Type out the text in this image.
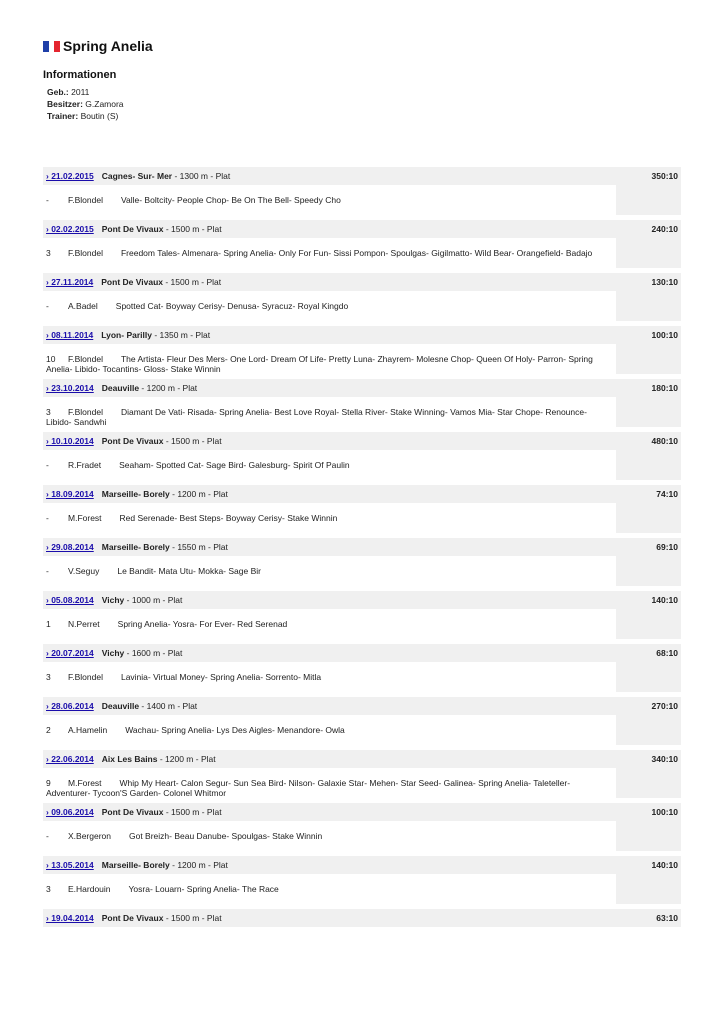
Spring Anelia
Informationen
Geb.: 2011
Besitzer: G.Zamora
Trainer: Boutin (S)
› 21.02.2015 Cagnes- Sur- Mer - 1300 m - Plat	350:10
- F.Blondel Valle- Boltcity- People Chop- Be On The Bell- Speedy Cho
› 02.02.2015 Pont De Vivaux - 1500 m - Plat	240:10
3 F.Blondel Freedom Tales- Almenara- Spring Anelia- Only For Fun- Sissi Pompon- Spoulgas- Gigilmatto- Wild Bear- Orangefield- Badajo
› 27.11.2014 Pont De Vivaux - 1500 m - Plat	130:10
- A.Badel Spotted Cat- Boyway Cerisy- Denusa- Syracuz- Royal Kingdo
› 08.11.2014 Lyon- Parilly - 1350 m - Plat	100:10
10 F.Blondel The Artista- Fleur Des Mers- One Lord- Dream Of Life- Pretty Luna- Zhayrem- Molesne Chop- Queen Of Holy- Parron- Spring Anelia- Libido- Tocantins- Gloss- Stake Winnin
› 23.10.2014 Deauville - 1200 m - Plat	180:10
3 F.Blondel Diamant De Vati- Risada- Spring Anelia- Best Love Royal- Stella River- Stake Winning- Vamos Mia- Star Chope- Renounce- Libido- Sandwhi
› 10.10.2014 Pont De Vivaux - 1500 m - Plat	480:10
- R.Fradet Seaham- Spotted Cat- Sage Bird- Galesburg- Spirit Of Paulin
› 18.09.2014 Marseille- Borely - 1200 m - Plat	74:10
- M.Forest Red Serenade- Best Steps- Boyway Cerisy- Stake Winnin
› 29.08.2014 Marseille- Borely - 1550 m - Plat	69:10
- V.Seguy Le Bandit- Mata Utu- Mokka- Sage Bir
› 05.08.2014 Vichy - 1000 m - Plat	140:10
1 N.Perret Spring Anelia- Yosra- For Ever- Red Serenad
› 20.07.2014 Vichy - 1600 m - Plat	68:10
3 F.Blondel Lavinia- Virtual Money- Spring Anelia- Sorrento- Mitla
› 28.06.2014 Deauville - 1400 m - Plat	270:10
2 A.Hamelin Wachau- Spring Anelia- Lys Des Aigles- Menandore- Owla
› 22.06.2014 Aix Les Bains - 1200 m - Plat	340:10
9 M.Forest Whip My Heart- Calon Segur- Sun Sea Bird- Nilson- Galaxie Star- Mehen- Star Seed- Galinea- Spring Anelia- Taleteller- Adventurer- Tycoon'S Garden- Colonel Whitmor
› 09.06.2014 Pont De Vivaux - 1500 m - Plat	100:10
- X.Bergeron Got Breizh- Beau Danube- Spoulgas- Stake Winnin
› 13.05.2014 Marseille- Borely - 1200 m - Plat	140:10
3 E.Hardouin Yosra- Louarn- Spring Anelia- The Race
› 19.04.2014 Pont De Vivaux - 1500 m - Plat	63:10
